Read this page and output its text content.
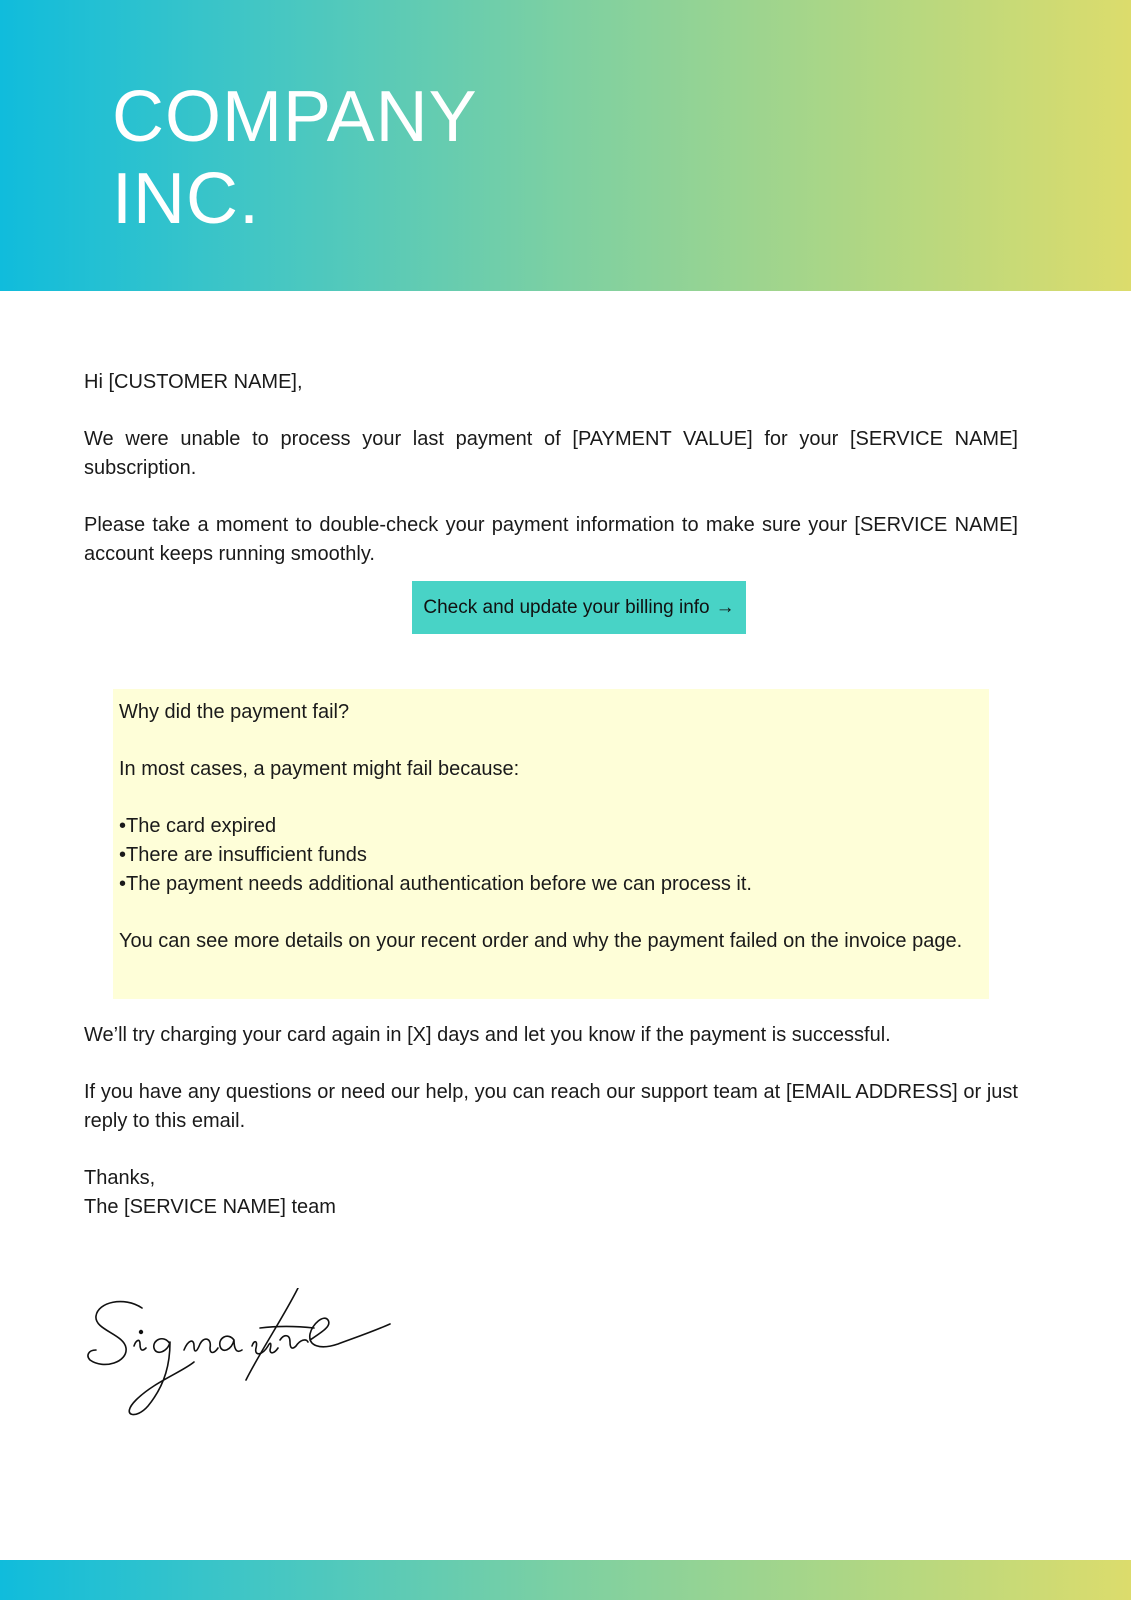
COMPANY
INC.

Hi [CUSTOMER NAME],

We were unable to process your last payment of [PAYMENT VALUE] for your [SERVICE NAME] subscription.

Please take a moment to double-check your payment information to make sure your [SERVICE NAME] account keeps running smoothly.

Check and update your billing info →

Why did the payment fail?

In most cases, a payment might fail because:

• The card expired
• There are insufficient funds
• The payment needs additional authentication before we can process it.

You can see more details on your recent order and why the payment failed on the invoice page.

We’ll try charging your card again in [X] days and let you know if the payment is successful.

If you have any questions or need our help, you can reach our support team at [EMAIL ADDRESS] or just reply to this email.

Thanks,

The [SERVICE NAME] team
